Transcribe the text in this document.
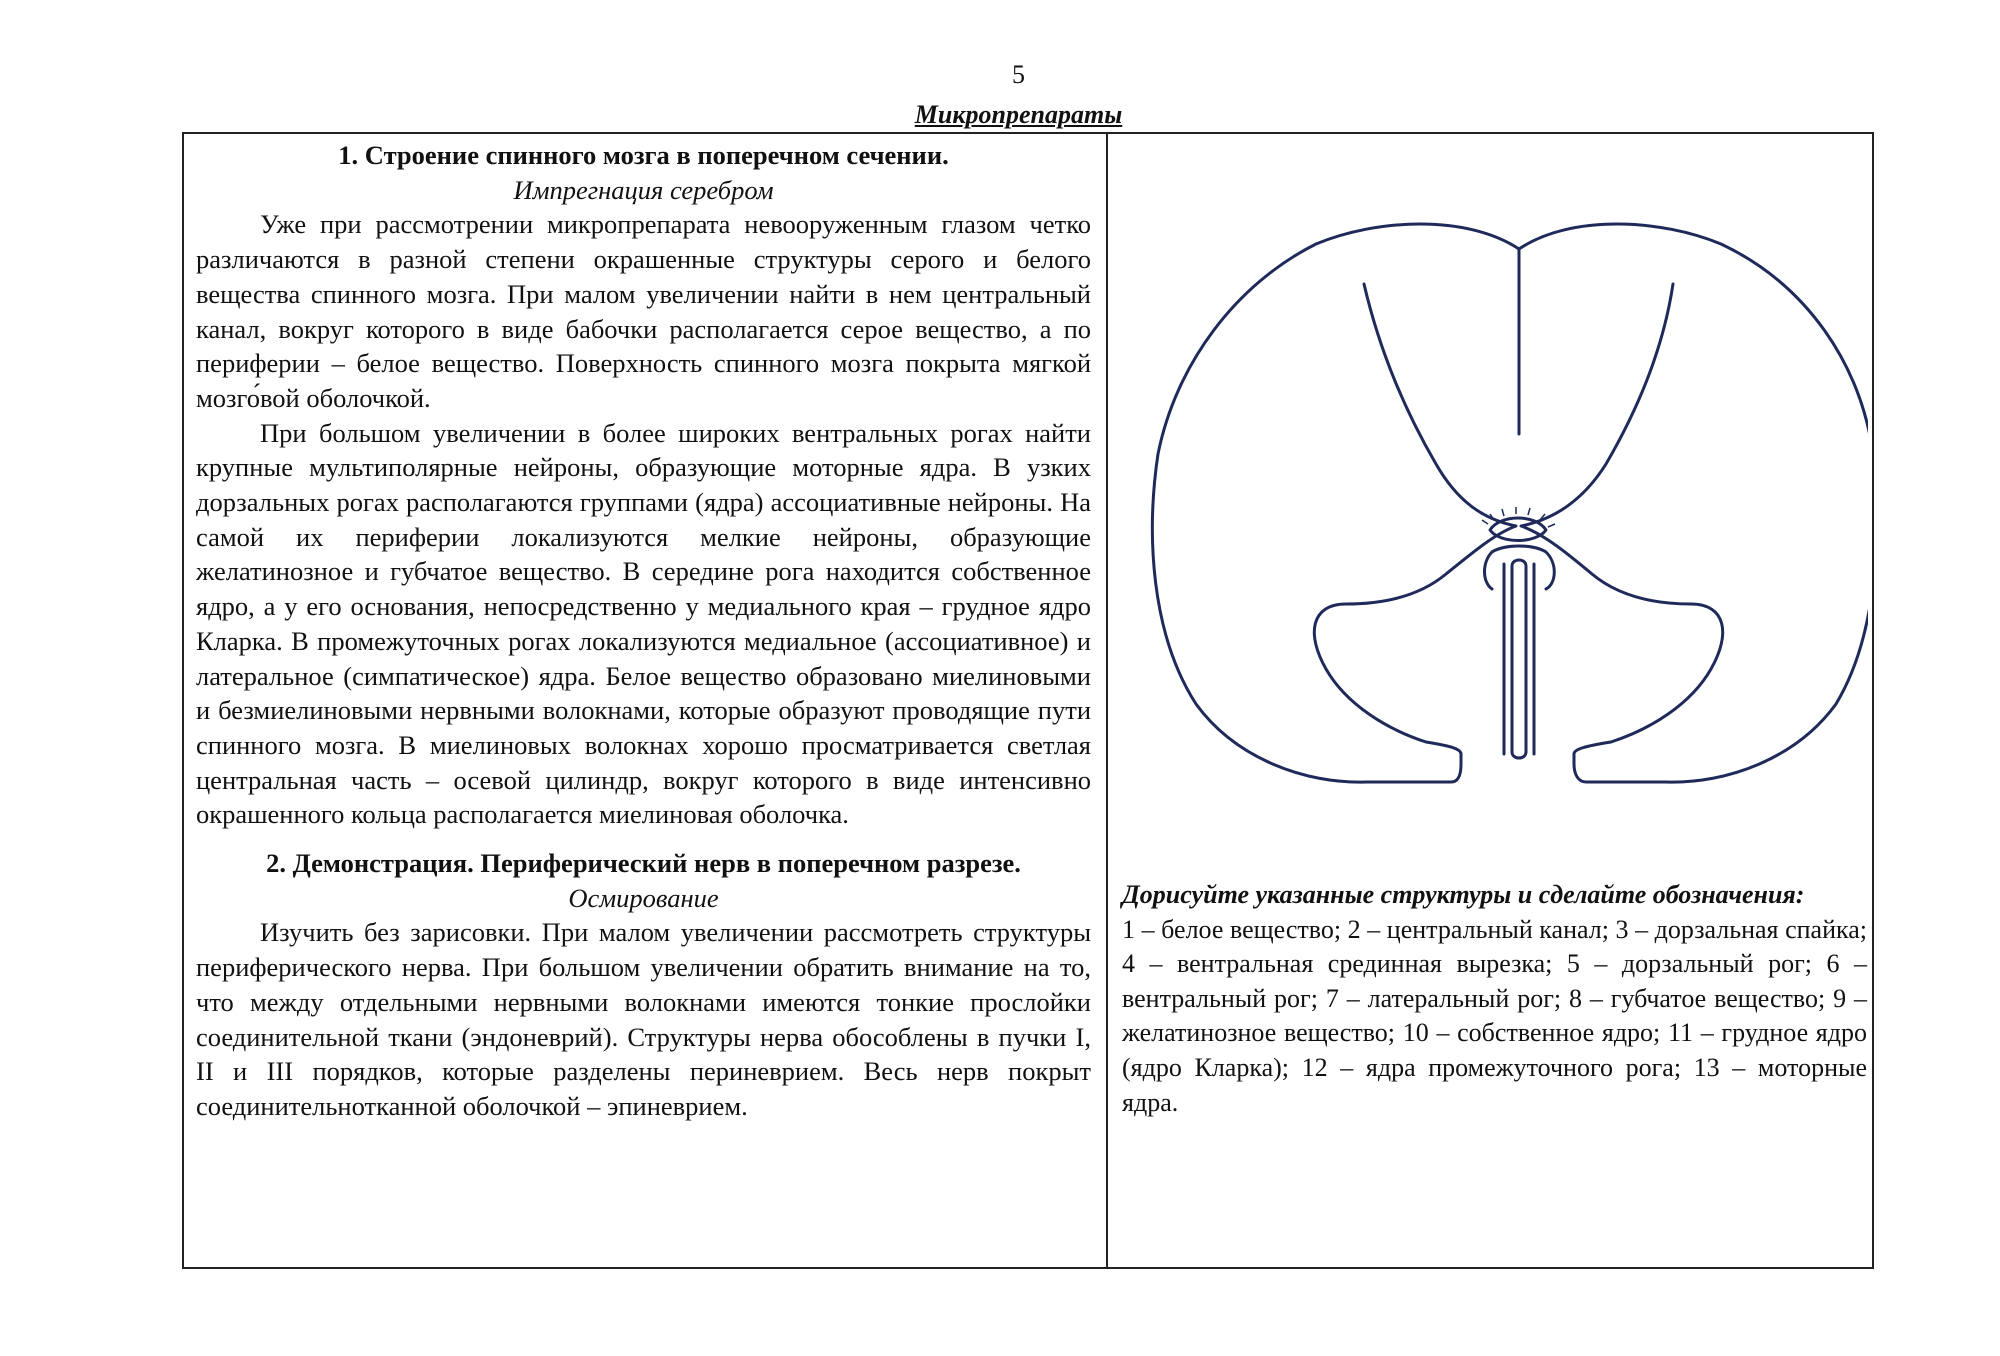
5
Микропрепараты
1. Строение спинного мозга в поперечном сечении.
Импрегнация серебром

Уже при рассмотрении микропрепарата невооруженным глазом четко различаются в разной степени окрашенные структуры серого и белого вещества спинного мозга. При малом увеличении найти в нем центральный канал, вокруг которого в виде бабочки располагается серое вещество, а по периферии – белое вещество. Поверхность спинного мозга покрыта мягкой мозго́вой оболочкой.

При большом увеличении в более широких вентральных рогах найти крупные мультиполярные нейроны, образующие моторные ядра. В узких дорзальных рогах располагаются группами (ядра) ассоциативные нейроны. На самой их периферии локализуются мелкие нейроны, образующие желатинозное и губчатое вещество. В середине рога находится собственное ядро, а у его основания, непосредственно у медиального края – грудное ядро Кларка. В промежуточных рогах локализуются медиальное (ассоциативное) и латеральное (симпатическое) ядра. Белое вещество образовано миелиновыми и безмиелиновыми нервными волокнами, которые образуют проводящие пути спинного мозга. В миелиновых волокнах хорошо просматривается светлая центральная часть – осевой цилиндр, вокруг которого в виде интенсивно окрашенного кольца располагается миелиновая оболочка.

2. Демонстрация. Периферический нерв в поперечном разрезе.
Осмирование

Изучить без зарисовки. При малом увеличении рассмотреть структуры периферического нерва. При большом увеличении обратить внимание на то, что между отдельными нервными волокнами имеются тонкие прослойки соединительной ткани (эндоневрий). Структуры нерва обособлены в пучки I, II и III порядков, которые разделены периневрием. Весь нерв покрыт соединительнотканной оболочкой – эпиневрием.

Дорисуйте указанные структуры и сделайте обозначения:

1 – белое вещество; 2 – центральный канал; 3 – дорзальная спайка; 4 – вентральная срединная вырезка; 5 – дорзальный рог; 6 – вентральный рог; 7 – латеральный рог; 8 – губчатое вещество; 9 – желатинозное вещество; 10 – собственное ядро; 11 – грудное ядро (ядро Кларка); 12 – ядра промежуточного рога; 13 – моторные ядра.
